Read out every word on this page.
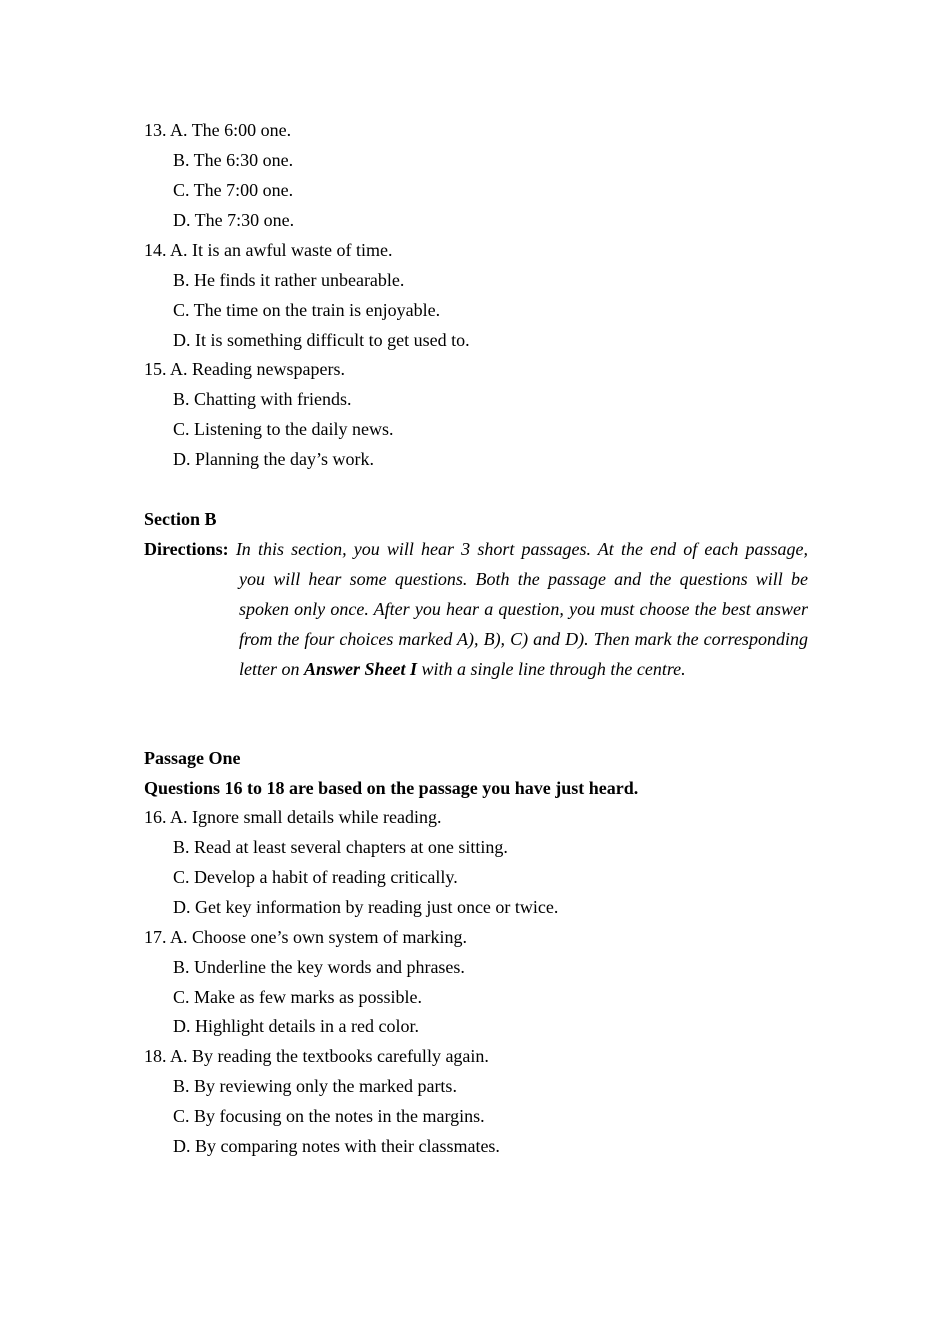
13. A. The 6:00 one.
B. The 6:30 one.
C. The 7:00 one.
D. The 7:30 one.
14. A. It is an awful waste of time.
B. He finds it rather unbearable.
C. The time on the train is enjoyable.
D. It is something difficult to get used to.
15. A. Reading newspapers.
B. Chatting with friends.
C. Listening to the daily news.
D. Planning the day’s work.
Section B
Directions: In this section, you will hear 3 short passages. At the end of each passage,
you will hear some questions. Both the passage and the questions will be spoken only once. After you hear a question, you must choose the best answer from the four choices marked A), B), C) and D). Then mark the corresponding letter on Answer Sheet I with a single line through the centre.
Passage One
Questions 16 to 18 are based on the passage you have just heard.
16. A. Ignore small details while reading.
B. Read at least several chapters at one sitting.
C. Develop a habit of reading critically.
D. Get key information by reading just once or twice.
17. A. Choose one’s own system of marking.
B. Underline the key words and phrases.
C. Make as few marks as possible.
D. Highlight details in a red color.
18. A. By reading the textbooks carefully again.
B. By reviewing only the marked parts.
C. By focusing on the notes in the margins.
D. By comparing notes with their classmates.
